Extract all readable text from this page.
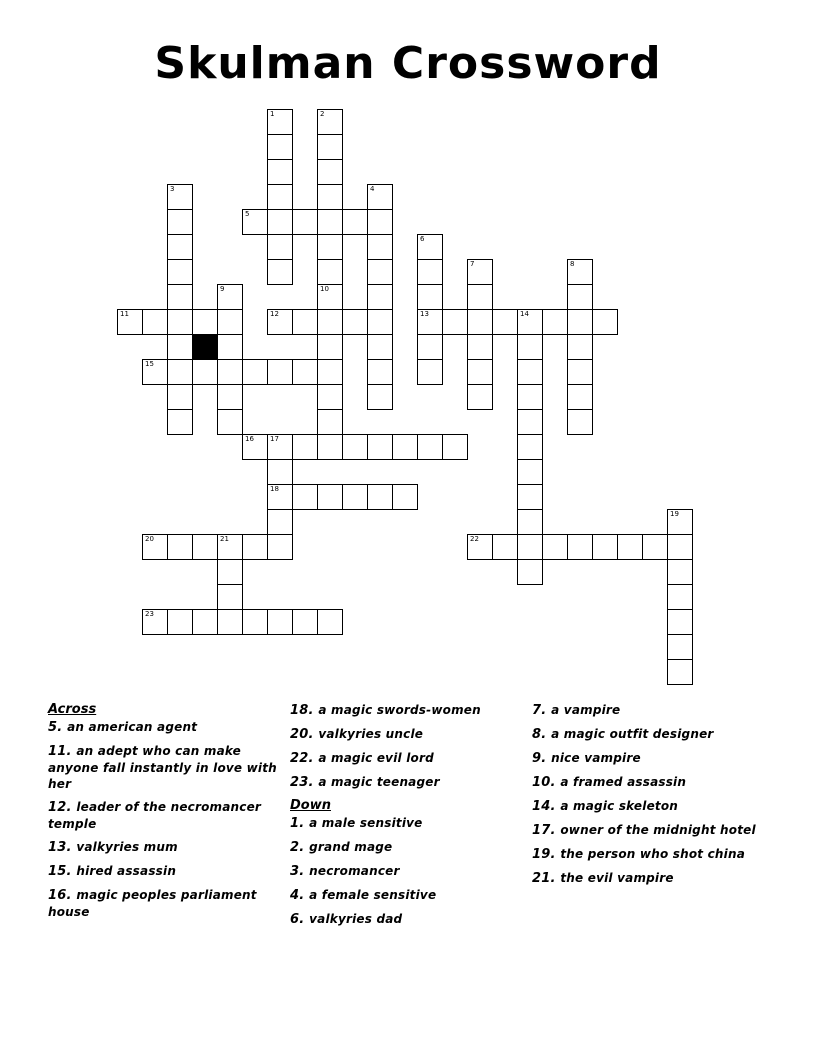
Skulman Crossword
5
11	12	13	14
15
16 17
18
20	21	22
23
1	2
3	4
6
7	8
9	10
19
Across
5. an american agent
11. an adept who can make anyone fall instantly in love with her
12. leader of the necromancer temple
13. valkyries mum
15. hired assassin
16. magic peoples parliament house
18. a magic swords-women
20. valkyries uncle
22. a magic evil lord
23. a magic teenager
Down
1. a male sensitive
2. grand mage
3. necromancer
4. a female sensitive
6. valkyries dad
7. a vampire
8. a magic outfit designer
9. nice vampire
10. a framed assassin
14. a magic skeleton
17. owner of the midnight hotel
19. the person who shot china
21. the evil vampire
